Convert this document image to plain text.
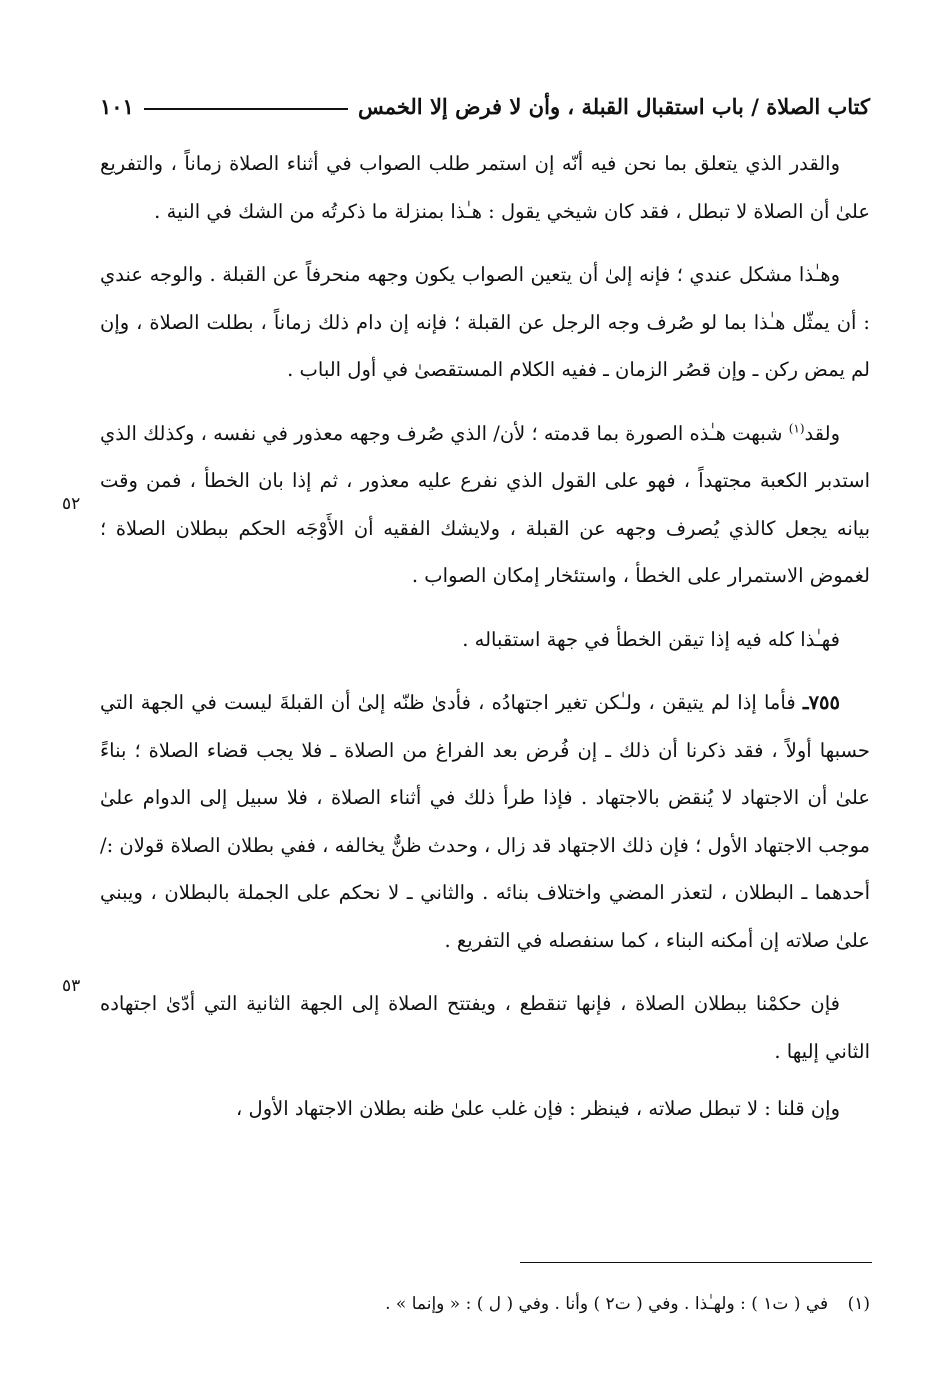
كتاب الصلاة / باب استقبال القبلة ، وأن لا فرض إلا الخمس
١٠١

والقدر الذي يتعلق بما نحن فيه أنّه إن استمر طلب الصواب في أثناء الصلاة زماناً ، والتفريع علىٰ أن الصلاة لا تبطل ، فقد كان شيخي يقول : هـٰذا بمنزلة ما ذكرتُه من الشك في النية .

وهـٰذا مشكل عندي ؛ فإنه إلىٰ أن يتعين الصواب يكون وجهه منحرفاً عن القبلة . والوجه عندي : أن يمثّل هـٰذا بما لو صُرف وجه الرجل عن القبلة ؛ فإنه إن دام ذلك زماناً ، بطلت الصلاة ، وإن لم يمض ركن ـ وإن قصُر الزمان ـ ففيه الكلام المستقصىٰ في أول الباب .

ولقد$^{(١)}$ شبهت هـٰذه الصورة بما قدمته ؛ لأن/ الذي صُرف وجهه معذور في نفسه ، وكذلك الذي استدبر الكعبة مجتهداً ، فهو على القول الذي نفرع عليه معذور ، ثم إذا بان الخطأ ، فمن وقت بيانه يجعل كالذي يُصرف وجهه عن القبلة ، ولايشك الفقيه أن الأَوْجَه الحكم ببطلان الصلاة ؛ لغموض الاستمرار على الخطأ ، واستئخار إمكان الصواب .

فهـٰذا كله فيه إذا تيقن الخطأ في جهة استقباله .

٧٥٥ـ فأما إذا لم يتيقن ، ولـٰكن تغير اجتهادُه ، فأدىٰ ظنّه إلىٰ أن القبلةَ ليست في الجهة التي حسبها أولاً ، فقد ذكرنا أن ذلك ـ إن فُرض بعد الفراغ من الصلاة ـ فلا يجب قضاء الصلاة ؛ بناءً علىٰ أن الاجتهاد لا يُنقض بالاجتهاد . فإذا طرأ ذلك في أثناء الصلاة ، فلا سبيل إلى الدوام علىٰ موجب الاجتهاد الأول ؛ فإن ذلك الاجتهاد قد زال ، وحدث ظنٌّ يخالفه ، ففي بطلان الصلاة قولان :/ أحدهما ـ البطلان ، لتعذر المضي واختلاف بنائه . والثاني ـ لا نحكم على الجملة بالبطلان ، ويبني علىٰ صلاته إن أمكنه البناء ، كما سنفصله في التفريع .

فإن حكمْنا ببطلان الصلاة ، فإنها تنقطع ، ويفتتح الصلاة إلى الجهة الثانية التي أدّىٰ اجتهاده الثاني إليها .

وإن قلنا : لا تبطل صلاته ، فينظر : فإن غلب علىٰ ظنه بطلان الاجتهاد الأول ،

٥٢
٥٣
(١) في ( ت١ ) : ولهـٰذا . وفي ( ت٢ ) وأنا . وفي ( ل ) : « وإنما » .
